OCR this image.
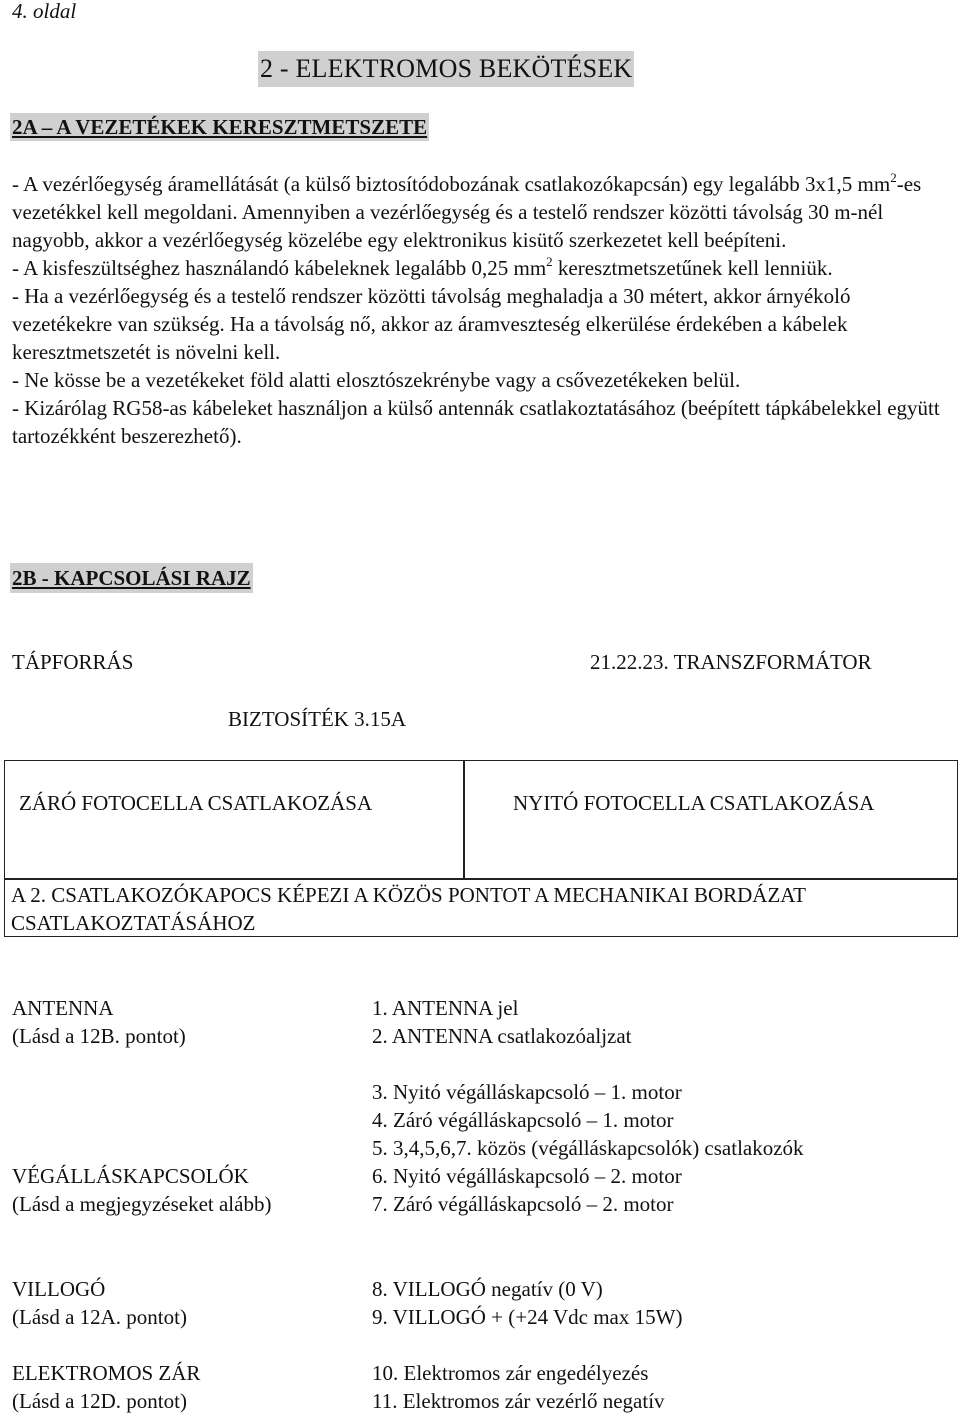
4. oldal
2 - ELEKTROMOS BEKÖTÉSEK
2A – A VEZETÉKEK KERESZTMETSZETE

- A vezérlőegység áramellátását (a külső biztosítódobozának csatlakozókapcsán) egy legalább 3x1,5 $mm^2-es$ vezetékkel kell megoldani. Amennyiben a vezérlőegység és a testelő rendszer közötti távolság 30 m-nél nagyobb, akkor a vezérlőegység közelébe egy elektronikus kisütő szerkezetet kell beépíteni.

- A kisfeszültséghez használandó kábeleknek legalább 0,25 $mm^2$ keresztmetszetűnek kell lenniük.

- Ha a vezérlőegység és a testelő rendszer közötti távolság meghaladja a 30 métert, akkor árnyékoló vezetékekre van szükség. Ha a távolság nő, akkor az áramveszteség elkerülése érdekében a kábelek keresztmetszetét is növelni kell.

- Ne kösse be a vezetékeket föld alatti elosztószekrénybe vagy a csővezetékeken belül.

- Kizárólag RG58-as kábeleket használjon a külső antennák csatlakoztatásához (beépített tápkábelekkel együtt tartozékként beszerezhető).

2B - KAPCSOLÁSI RAJZ
TÁPFORRÁS	21.22.23. TRANSZFORMÁTOR
BIZTOSÍTÉK 3.15A
ZÁRÓ FOTOCELLA CSATLAKOZÁSA	NYITÓ FOTOCELLA CSATLAKOZÁSA
A 2. CSATLAKOZÓKAPOCS KÉPEZI A KÖZÖS PONTOT A MECHANIKAI BORDÁZAT CSATLAKOZTATÁSÁHOZ
ANTENNA
(Lásd a 12B. pontot)
1. ANTENNA jel
2. ANTENNA csatlakozóaljzat
3. Nyitó végálláskapcsoló – 1. motor
4. Záró végálláskapcsoló – 1. motor
5. 3,4,5,6,7. közös (végálláskapcsolók) csatlakozók
6. Nyitó végálláskapcsoló – 2. motor
7. Záró végálláskapcsoló – 2. motor
VÉGÁLLÁSKAPCSOLÓK
(Lásd a megjegyzéseket alább)
VILLOGÓ
(Lásd a 12A. pontot)
8. VILLOGÓ negatív (0 V)
9. VILLOGÓ + (+24 Vdc max 15W)
ELEKTROMOS ZÁR
(Lásd a 12D. pontot)
10. Elektromos zár engedélyezés
11. Elektromos zár vezérlő negatív
